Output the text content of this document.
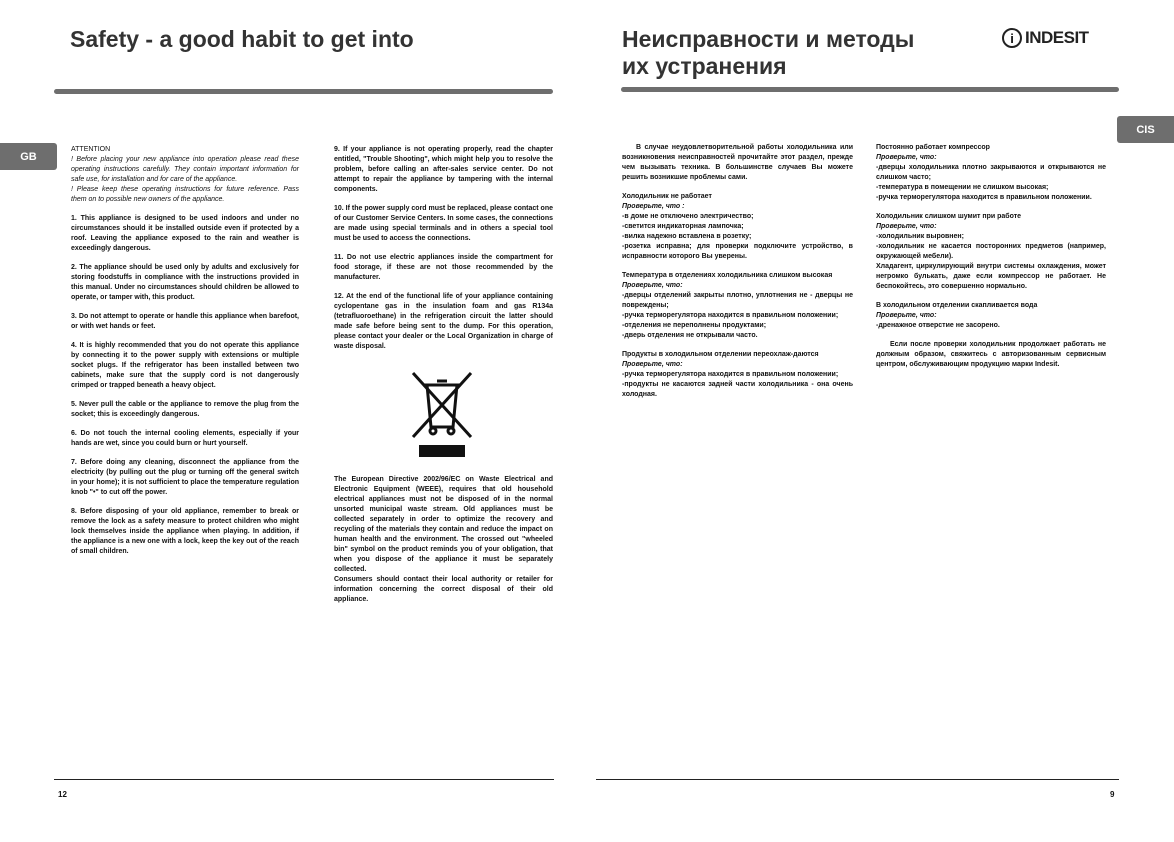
Safety - a good habit to get into
GB

ATTENTION
! Before placing your new appliance into operation please read these operating instructions carefully. They contain important information for safe use, for installation and for care of the appliance.
! Please keep these operating instructions for future reference. Pass them on to possible new owners of the appliance.

1. This appliance is designed to be used indoors and under no circumstances should it be installed outside even if protected by a roof. Leaving the appliance exposed to the rain and weather is exceedingly dangerous.

2. The appliance should be used only by adults and exclusively for storing foodstuffs in compliance with the instructions provided in this manual. Under no circumstances should children be allowed to operate, or tamper with, this product.

3. Do not attempt to operate or handle this appliance when barefoot, or with wet hands or feet.

4. It is highly recommended that you do not operate this appliance by connecting it to the power supply with extensions or multiple socket plugs. If the refrigerator has been installed between two cabinets, make sure that the supply cord is not dangerously crimped or trapped beneath a heavy object.

5. Never pull the cable or the appliance to remove the plug from the socket; this is exceedingly dangerous.

6. Do not touch the internal cooling elements, especially if your hands are wet, since you could burn or hurt yourself.

7. Before doing any cleaning, disconnect the appliance from the electricity (by pulling out the plug or turning off the general switch in your home); it is not sufficient to place the temperature regulation knob "•" to cut off the power.

8. Before disposing of your old appliance, remember to break or remove the lock as a safety measure to protect children who might lock themselves inside the appliance when playing. In addition, if the appliance is a new one with a lock, keep the key out of the reach of small children.

9. If your appliance is not operating properly, read the chapter entitled, "Trouble Shooting", which might help you to resolve the problem, before calling an after-sales service center. Do not attempt to repair the appliance by tampering with the internal components.

10. If the power supply cord must be replaced, please contact one of our Customer Service Centers. In some cases, the connections are made using special terminals and in others a special tool must be used to access the connections.

11. Do not use electric appliances inside the compartment for food storage, if these are not those recommended by the manufacturer.

12. At the end of the functional life of your appliance containing cyclopentane gas in the insulation foam and gas R134a (tetrafluoroethane) in the refrigeration circuit the latter should made safe before being sent to the dump. For this operation, please contact your dealer or the Local Organization in charge of waste disposal.

The European Directive 2002/96/EC on Waste Electrical and Electronic Equipment (WEEE), requires that old household electrical appliances must not be disposed of in the normal unsorted municipal waste stream. Old appliances must be collected separately in order to optimize the recovery and recycling of the materials they contain and reduce the impact on human health and the environment. The crossed out "wheeled bin" symbol on the product reminds you of your obligation, that when you dispose of the appliance it must be separately collected.
Consumers should contact their local authority or retailer for information concerning the correct disposal of their old appliance.

12
Неисправности и методы
их устранения
i INDESIT
CIS

В случае неудовлетворительной работы холодильника или возникновения неисправностей прочитайте этот раздел, прежде чем вызывать техника. В большинстве случаев Вы можете решить возникшие проблемы сами.

Холодильник не работает
Проверьте, что :
-в доме не отключено электричество;
-светится индикаторная лампочка;
-вилка надежно вставлена в розетку;
-розетка исправна; для проверки подключите устройство, в исправности которого Вы уверены.

Температура в отделениях холодильника слишком высокая
Проверьте, что:
-дверцы отделений закрыты плотно, уплотнения не - дверцы не повреждены;
-ручка терморегулятора находится в правильном положении;
-отделения не переполнены продуктами;
-дверь отделения не открывали часто.

Продукты в холодильном отделении переохлаж-даются
Проверьте, что:
-ручка терморегулятора находится в правильном положении;
-продукты не касаются задней части холодильника - она очень холодная.

Постоянно работает компрессор
Проверьте, что:
-дверцы холодильника плотно закрываются и открываются не слишком часто;
-температура в помещении не слишком высокая;
-ручка терморегулятора находится в правильном положении.

Холодильник слишком шумит при работе
Проверьте, что:
-холодильник выровнен;
-холодильник не касается посторонних предметов (например, окружающей мебели).
Хладагент, циркулирующий внутри системы охлаждения, может негромко булькать, даже если компрессор не работает. Не беспокойтесь, это совершенно нормально.

В холодильном отделении скапливается вода
Проверьте, что:
-дренажное отверстие не засорено.

Если после проверки холодильник продолжает работать не должным образом, свяжитесь с авторизованным сервисным центром, обслуживающим продукцию марки Indesit.

9
